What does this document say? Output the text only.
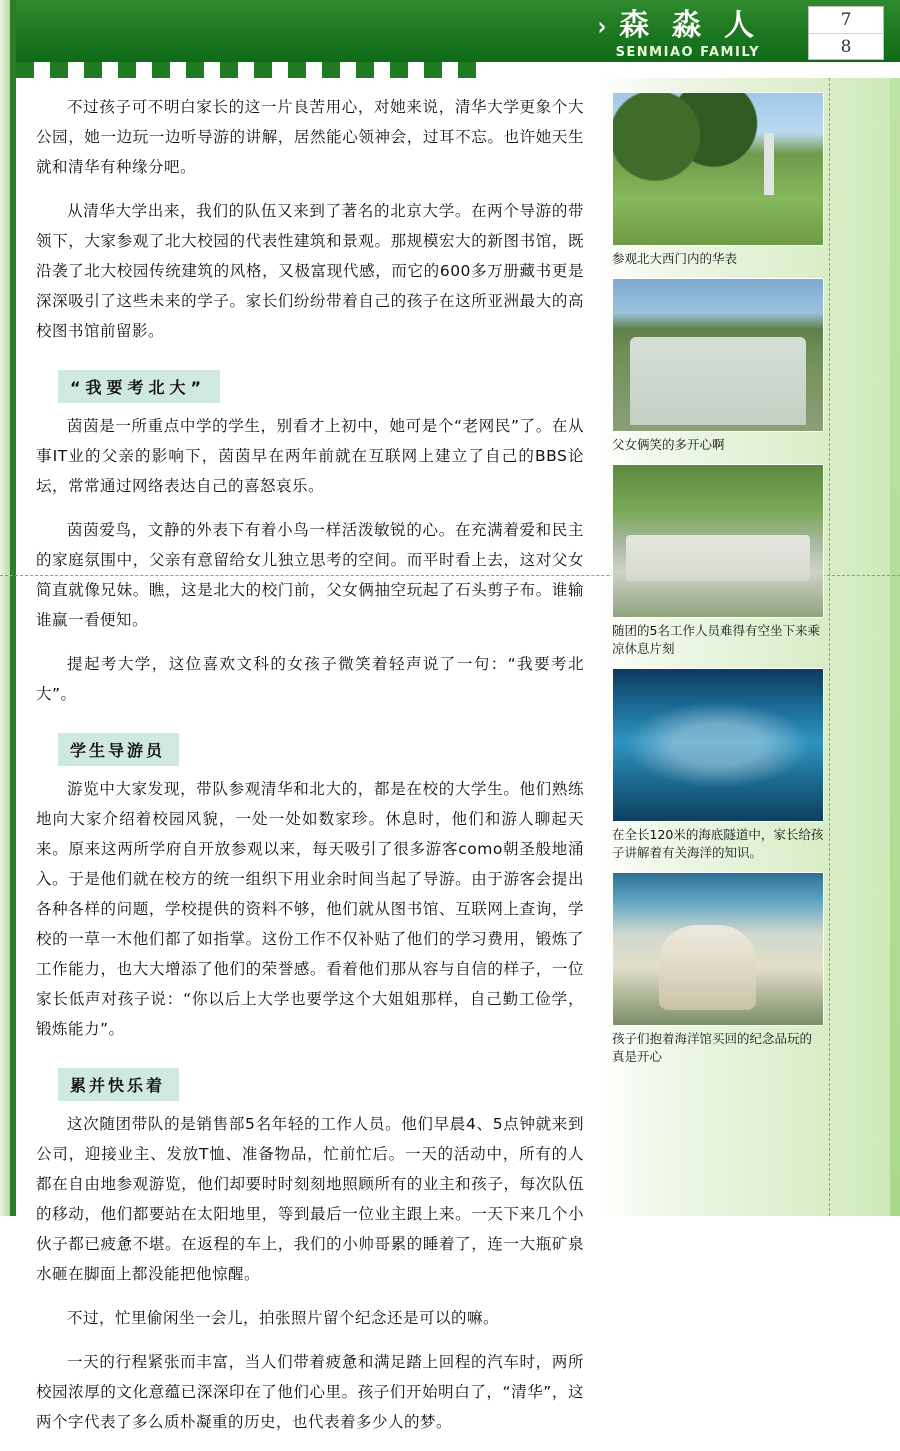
› 森 淼 人
SENMIAO FAMILY
7
8

不过孩子可不明白家长的这一片良苦用心，对她来说，清华大学更象个大公园，她一边玩一边听导游的讲解，居然能心领神会，过耳不忘。也许她天生就和清华有种缘分吧。

从清华大学出来，我们的队伍又来到了著名的北京大学。在两个导游的带领下，大家参观了北大校园的代表性建筑和景观。那规模宏大的新图书馆，既沿袭了北大校园传统建筑的风格，又极富现代感，而它的600多万册藏书更是深深吸引了这些未来的学子。家长们纷纷带着自己的孩子在这所亚洲最大的高校图书馆前留影。

“我要考北大”

茵茵是一所重点中学的学生，别看才上初中，她可是个“老网民”了。在从事IT业的父亲的影响下，茵茵早在两年前就在互联网上建立了自己的BBS论坛，常常通过网络表达自己的喜怒哀乐。

茵茵爱鸟，文静的外表下有着小鸟一样活泼敏锐的心。在充满着爱和民主的家庭氛围中，父亲有意留给女儿独立思考的空间。而平时看上去，这对父女简直就像兄妹。瞧，这是北大的校门前，父女俩抽空玩起了石头剪子布。谁输谁赢一看便知。

提起考大学，这位喜欢文科的女孩子微笑着轻声说了一句：“我要考北大”。

学生导游员

游览中大家发现，带队参观清华和北大的，都是在校的大学生。他们熟练地向大家介绍着校园风貌，一处一处如数家珍。休息时，他们和游人聊起天来。原来这两所学府自开放参观以来，每天吸引了很多游客como朝圣般地涌入。于是他们就在校方的统一组织下用业余时间当起了导游。由于游客会提出各种各样的问题，学校提供的资料不够，他们就从图书馆、互联网上查询，学校的一草一木他们都了如指掌。这份工作不仅补贴了他们的学习费用，锻炼了工作能力，也大大增添了他们的荣誉感。看着他们那从容与自信的样子，一位家长低声对孩子说：“你以后上大学也要学这个大姐姐那样，自己勤工俭学，锻炼能力”。

累并快乐着

这次随团带队的是销售部5名年轻的工作人员。他们早晨4、5点钟就来到公司，迎接业主、发放T恤、准备物品，忙前忙后。一天的活动中，所有的人都在自由地参观游览，他们却要时时刻刻地照顾所有的业主和孩子，每次队伍的移动，他们都要站在太阳地里，等到最后一位业主跟上来。一天下来几个小伙子都已疲惫不堪。在返程的车上，我们的小帅哥累的睡着了，连一大瓶矿泉水砸在脚面上都没能把他惊醒。

不过，忙里偷闲坐一会儿，拍张照片留个纪念还是可以的嘛。

一天的行程紧张而丰富，当人们带着疲惫和满足踏上回程的汽车时，两所校园浓厚的文化意蕴已深深印在了他们心里。孩子们开始明白了，“清华”，这两个字代表了多么质朴凝重的历史，也代表着多少人的梦。

参观北大西门内的华表
父女俩笑的多开心啊
随团的5名工作人员难得有空坐下来乘凉休息片刻
在全长120米的海底隧道中，家长给孩子讲解着有关海洋的知识。
孩子们抱着海洋馆买回的纪念品玩的真是开心
